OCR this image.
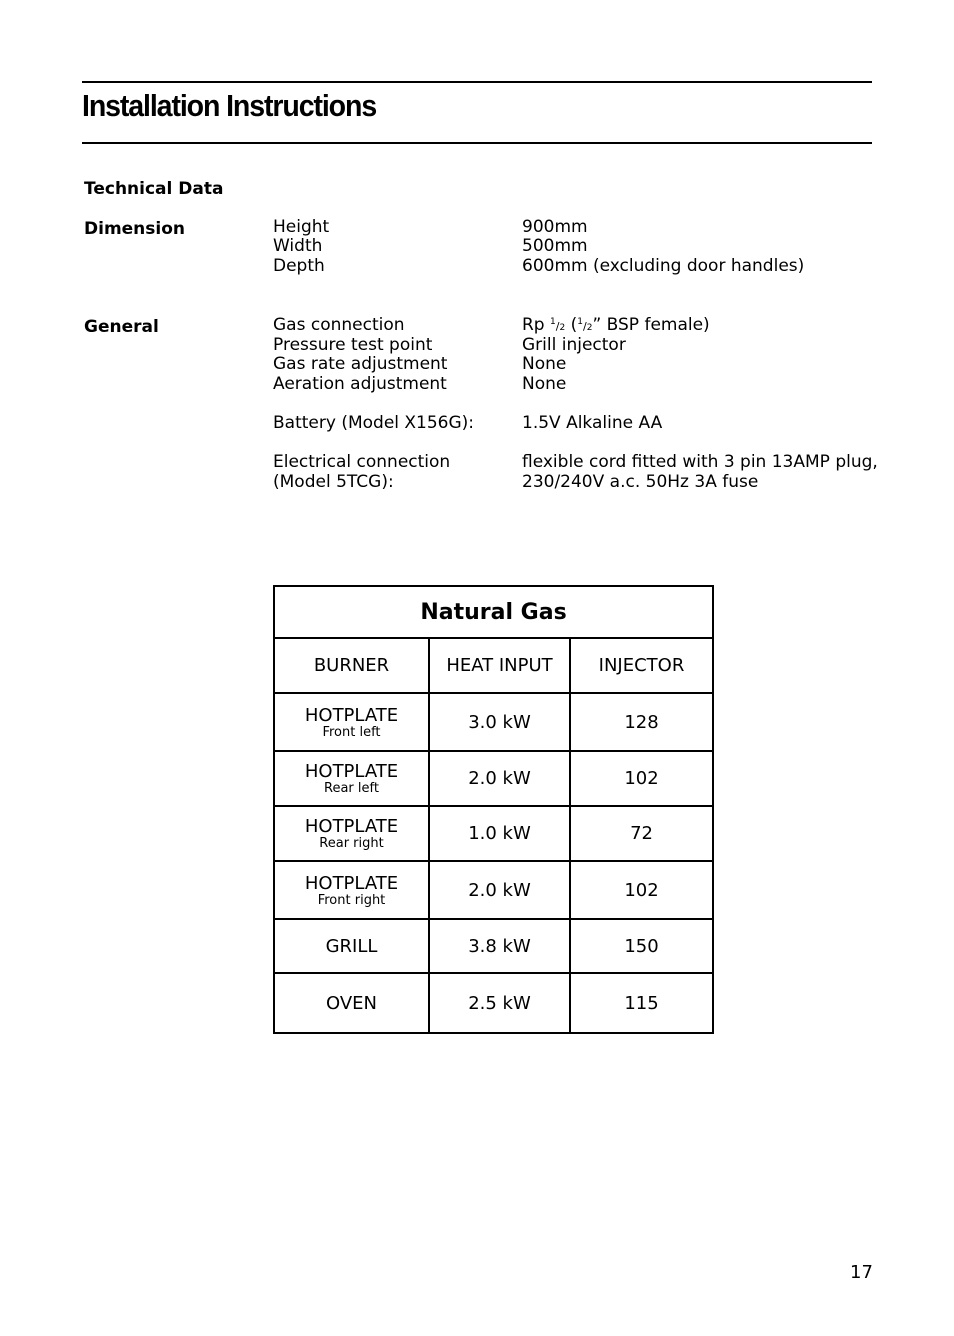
Installation Instructions
Technical Data
Dimension	Height	900mm
Width	500mm
Depth	600mm (excluding door handles)
General	Gas connection	Rp $^1$/2 ($^1$/2” BSP female)
Pressure test point	Grill injector
Gas rate adjustment	None
Aeration adjustment	None
Battery (Model X156G):	1.5V Alkaline AA
Electrical connection	flexible cord fitted with 3 pin 13AMP plug,
(Model 5TCG):	230/240V a.c. 50Hz 3A fuse
Natural Gas		
BURNER	HEAT INPUT	INJECTOR

HOTPLATE
Front left	3.0 kW	128

HOTPLATE
Rear left	2.0 kW	102

HOTPLATE
Rear right	1.0 kW	72

HOTPLATE
Front right	2.0 kW	102
GRILL	3.8 kW	150
OVEN	2.5 kW	115
17
